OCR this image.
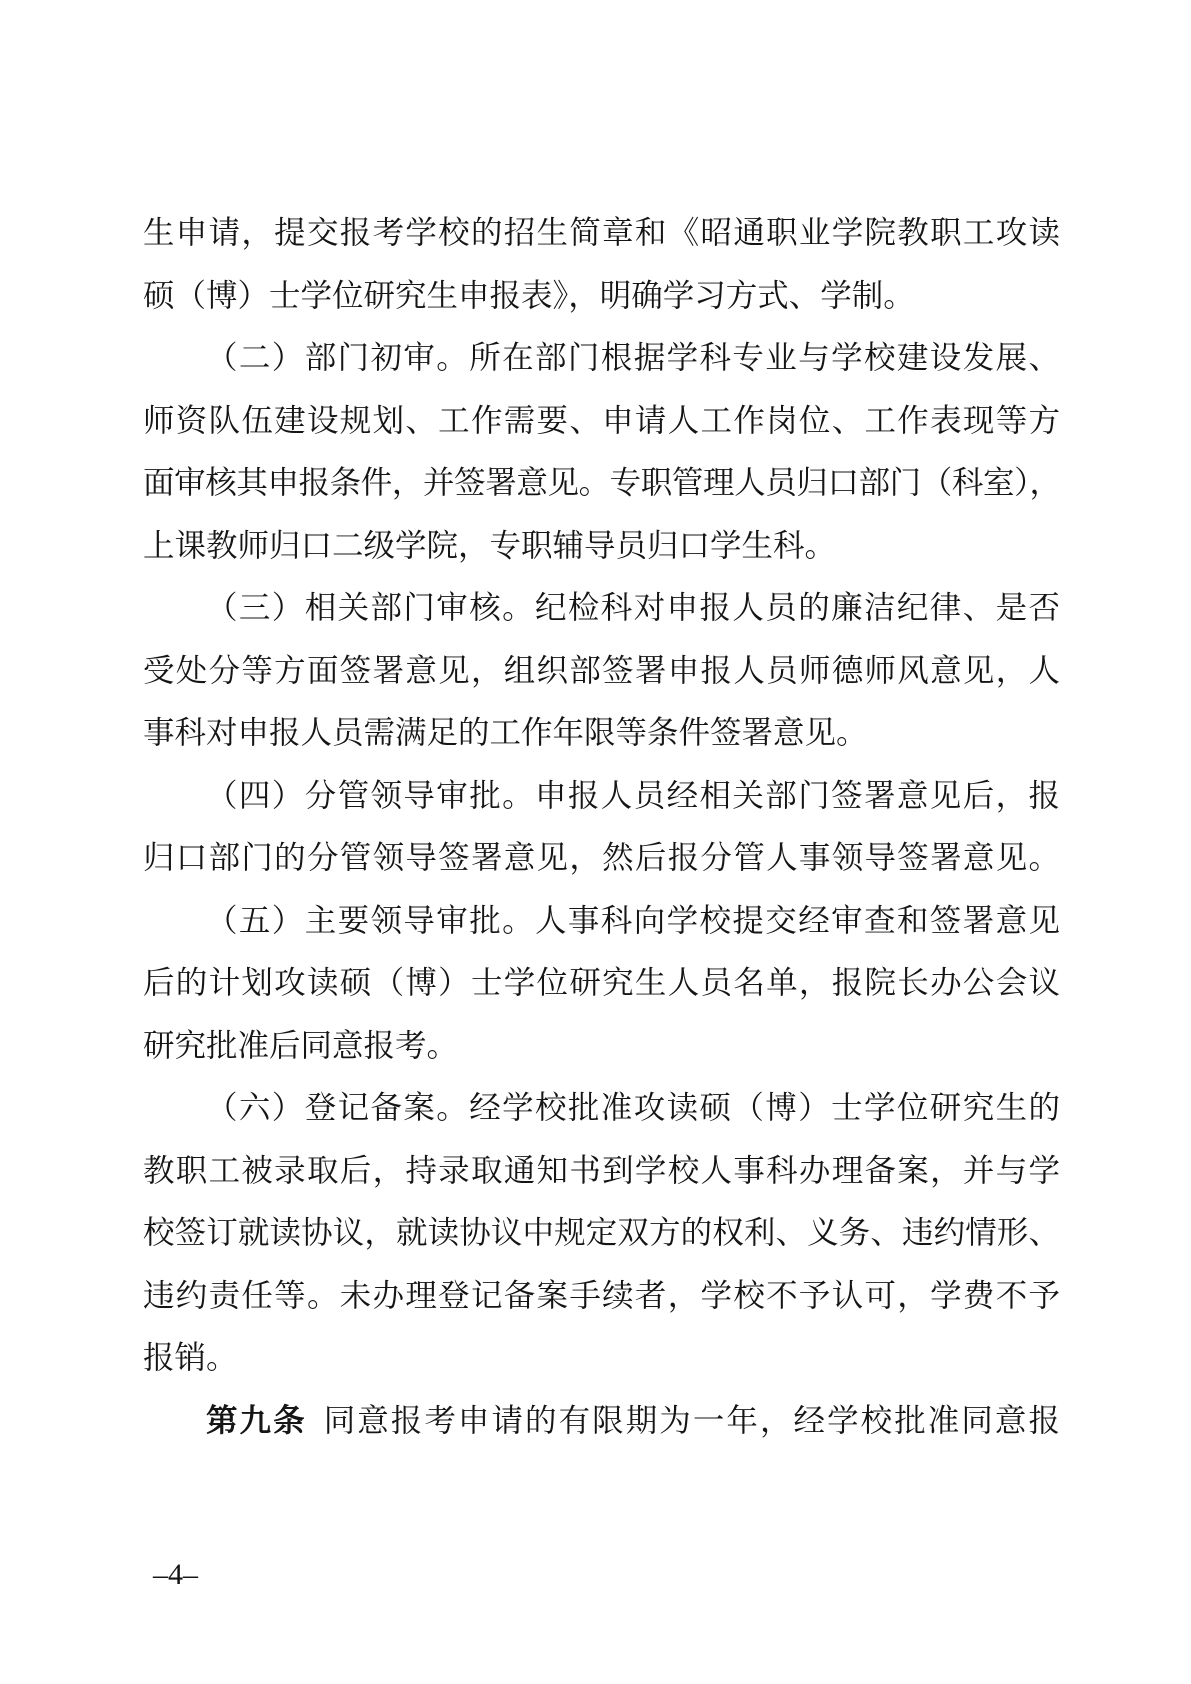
生申请，提交报考学校的招生简章和《昭通职业学院教职工攻读
硕（博）士学位研究生申报表》，明确学习方式、学制。
（二）部门初审。所在部门根据学科专业与学校建设发展、
师资队伍建设规划、工作需要、申请人工作岗位、工作表现等方
面审核其申报条件，并签署意见。专职管理人员归口部门（科室），
上课教师归口二级学院，专职辅导员归口学生科。
（三）相关部门审核。纪检科对申报人员的廉洁纪律、是否
受处分等方面签署意见，组织部签署申报人员师德师风意见，人
事科对申报人员需满足的工作年限等条件签署意见。
（四）分管领导审批。申报人员经相关部门签署意见后，报
归口部门的分管领导签署意见，然后报分管人事领导签署意见。
（五）主要领导审批。人事科向学校提交经审查和签署意见
后的计划攻读硕（博）士学位研究生人员名单，报院长办公会议
研究批准后同意报考。
（六）登记备案。经学校批准攻读硕（博）士学位研究生的
教职工被录取后，持录取通知书到学校人事科办理备案，并与学
校签订就读协议，就读协议中规定双方的权利、义务、违约情形、
违约责任等。未办理登记备案手续者，学校不予认可，学费不予
报销。
第九条 同意报考申请的有限期为一年，经学校批准同意报
–4–
